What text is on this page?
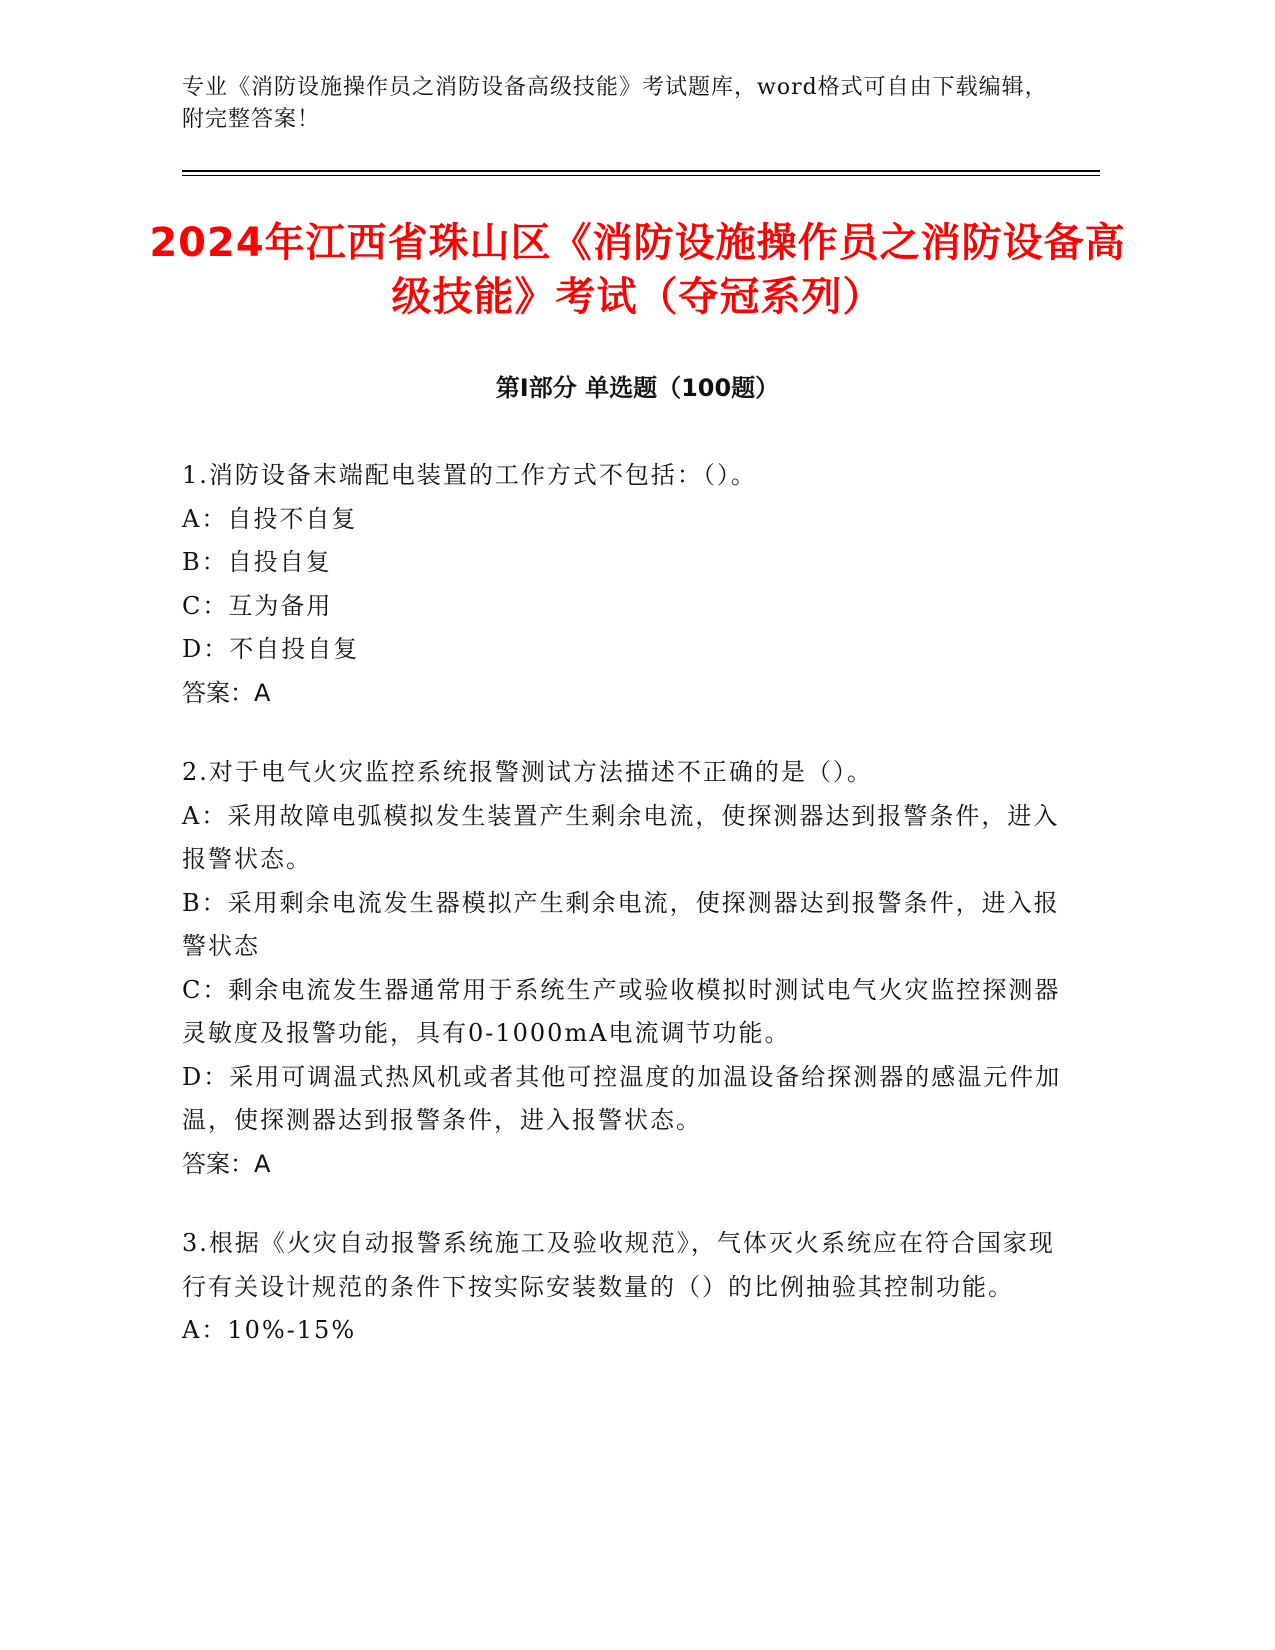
专业《消防设施操作员之消防设备高级技能》考试题库，word格式可自由下载编辑，附完整答案！
2024年江西省珠山区《消防设施操作员之消防设备高级技能》考试（夺冠系列）
第I部分 单选题（100题）

1.消防设备末端配电装置的工作方式不包括：（）。

A：自投不自复

B：自投自复

C：互为备用

D：不自投自复

答案：A

2.对于电气火灾监控系统报警测试方法描述不正确的是（）。

A：采用故障电弧模拟发生装置产生剩余电流，使探测器达到报警条件，进入报警状态。

B：采用剩余电流发生器模拟产生剩余电流，使探测器达到报警条件，进入报警状态

C：剩余电流发生器通常用于系统生产或验收模拟时测试电气火灾监控探测器灵敏度及报警功能，具有0-1000mA电流调节功能。

D：采用可调温式热风机或者其他可控温度的加温设备给探测器的感温元件加温，使探测器达到报警条件，进入报警状态。

答案：A

3.根据《火灾自动报警系统施工及验收规范》，气体灭火系统应在符合国家现行有关设计规范的条件下按实际安装数量的（）的比例抽验其控制功能。

A：10%-15%
